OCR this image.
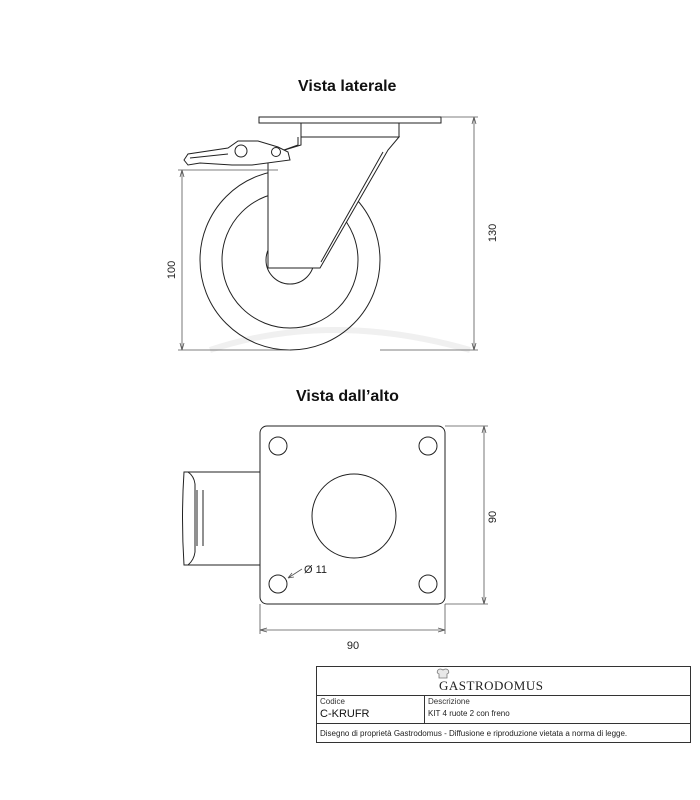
Vista laterale
Vista dall’alto
100
130
Ø 11
90
90
GASTRODOMUS
Codice
C-KRUFR
Descrizione
KIT 4 ruote 2 con freno
Disegno di proprietà Gastrodomus - Diffusione e riproduzione vietata a norma di legge.
